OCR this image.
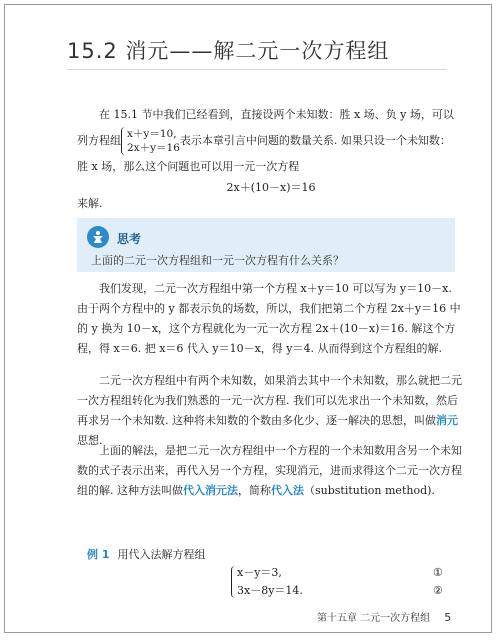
15.2 消元——解二元一次方程组

在 15.1 节中我们已经看到，直接设两个未知数：胜 x 场、负 y 场，可以

列方程组 x＋y＝10,
2x＋y＝16
表示本章引言中问题的数量关系. 如果只设一个未知数：

胜 x 场，那么这个问题也可以用一元一次方程

2x＋(10－x)＝16

来解.

思考
上面的二元一次方程组和一元一次方程有什么关系？

我们发现，二元一次方程组中第一个方程 x＋y＝10 可以写为 y＝10－x. 由于两个方程中的 y 都表示负的场数，所以，我们把第二个方程 2x＋y＝16 中的 y 换为 10－x，这个方程就化为一元一次方程 2x＋(10－x)＝16. 解这个方程，得 x＝6. 把 x＝6 代入 y＝10－x，得 y＝4. 从而得到这个方程组的解.

二元一次方程组中有两个未知数，如果消去其中一个未知数，那么就把二元一次方程组转化为我们熟悉的一元一次方程. 我们可以先求出一个未知数，然后再求另一个未知数. 这种将未知数的个数由多化少、逐一解决的思想，叫做消元思想.

上面的解法，是把二元一次方程组中一个方程的一个未知数用含另一个未知数的式子表示出来，再代入另一个方程，实现消元，进而求得这个二元一次方程组的解. 这种方法叫做代入消元法，简称代入法（substitution method).

例 1 用代入法解方程组
x－y＝3,
3x－8y＝14.
①
②
第十五章 二元一次方程组 5
